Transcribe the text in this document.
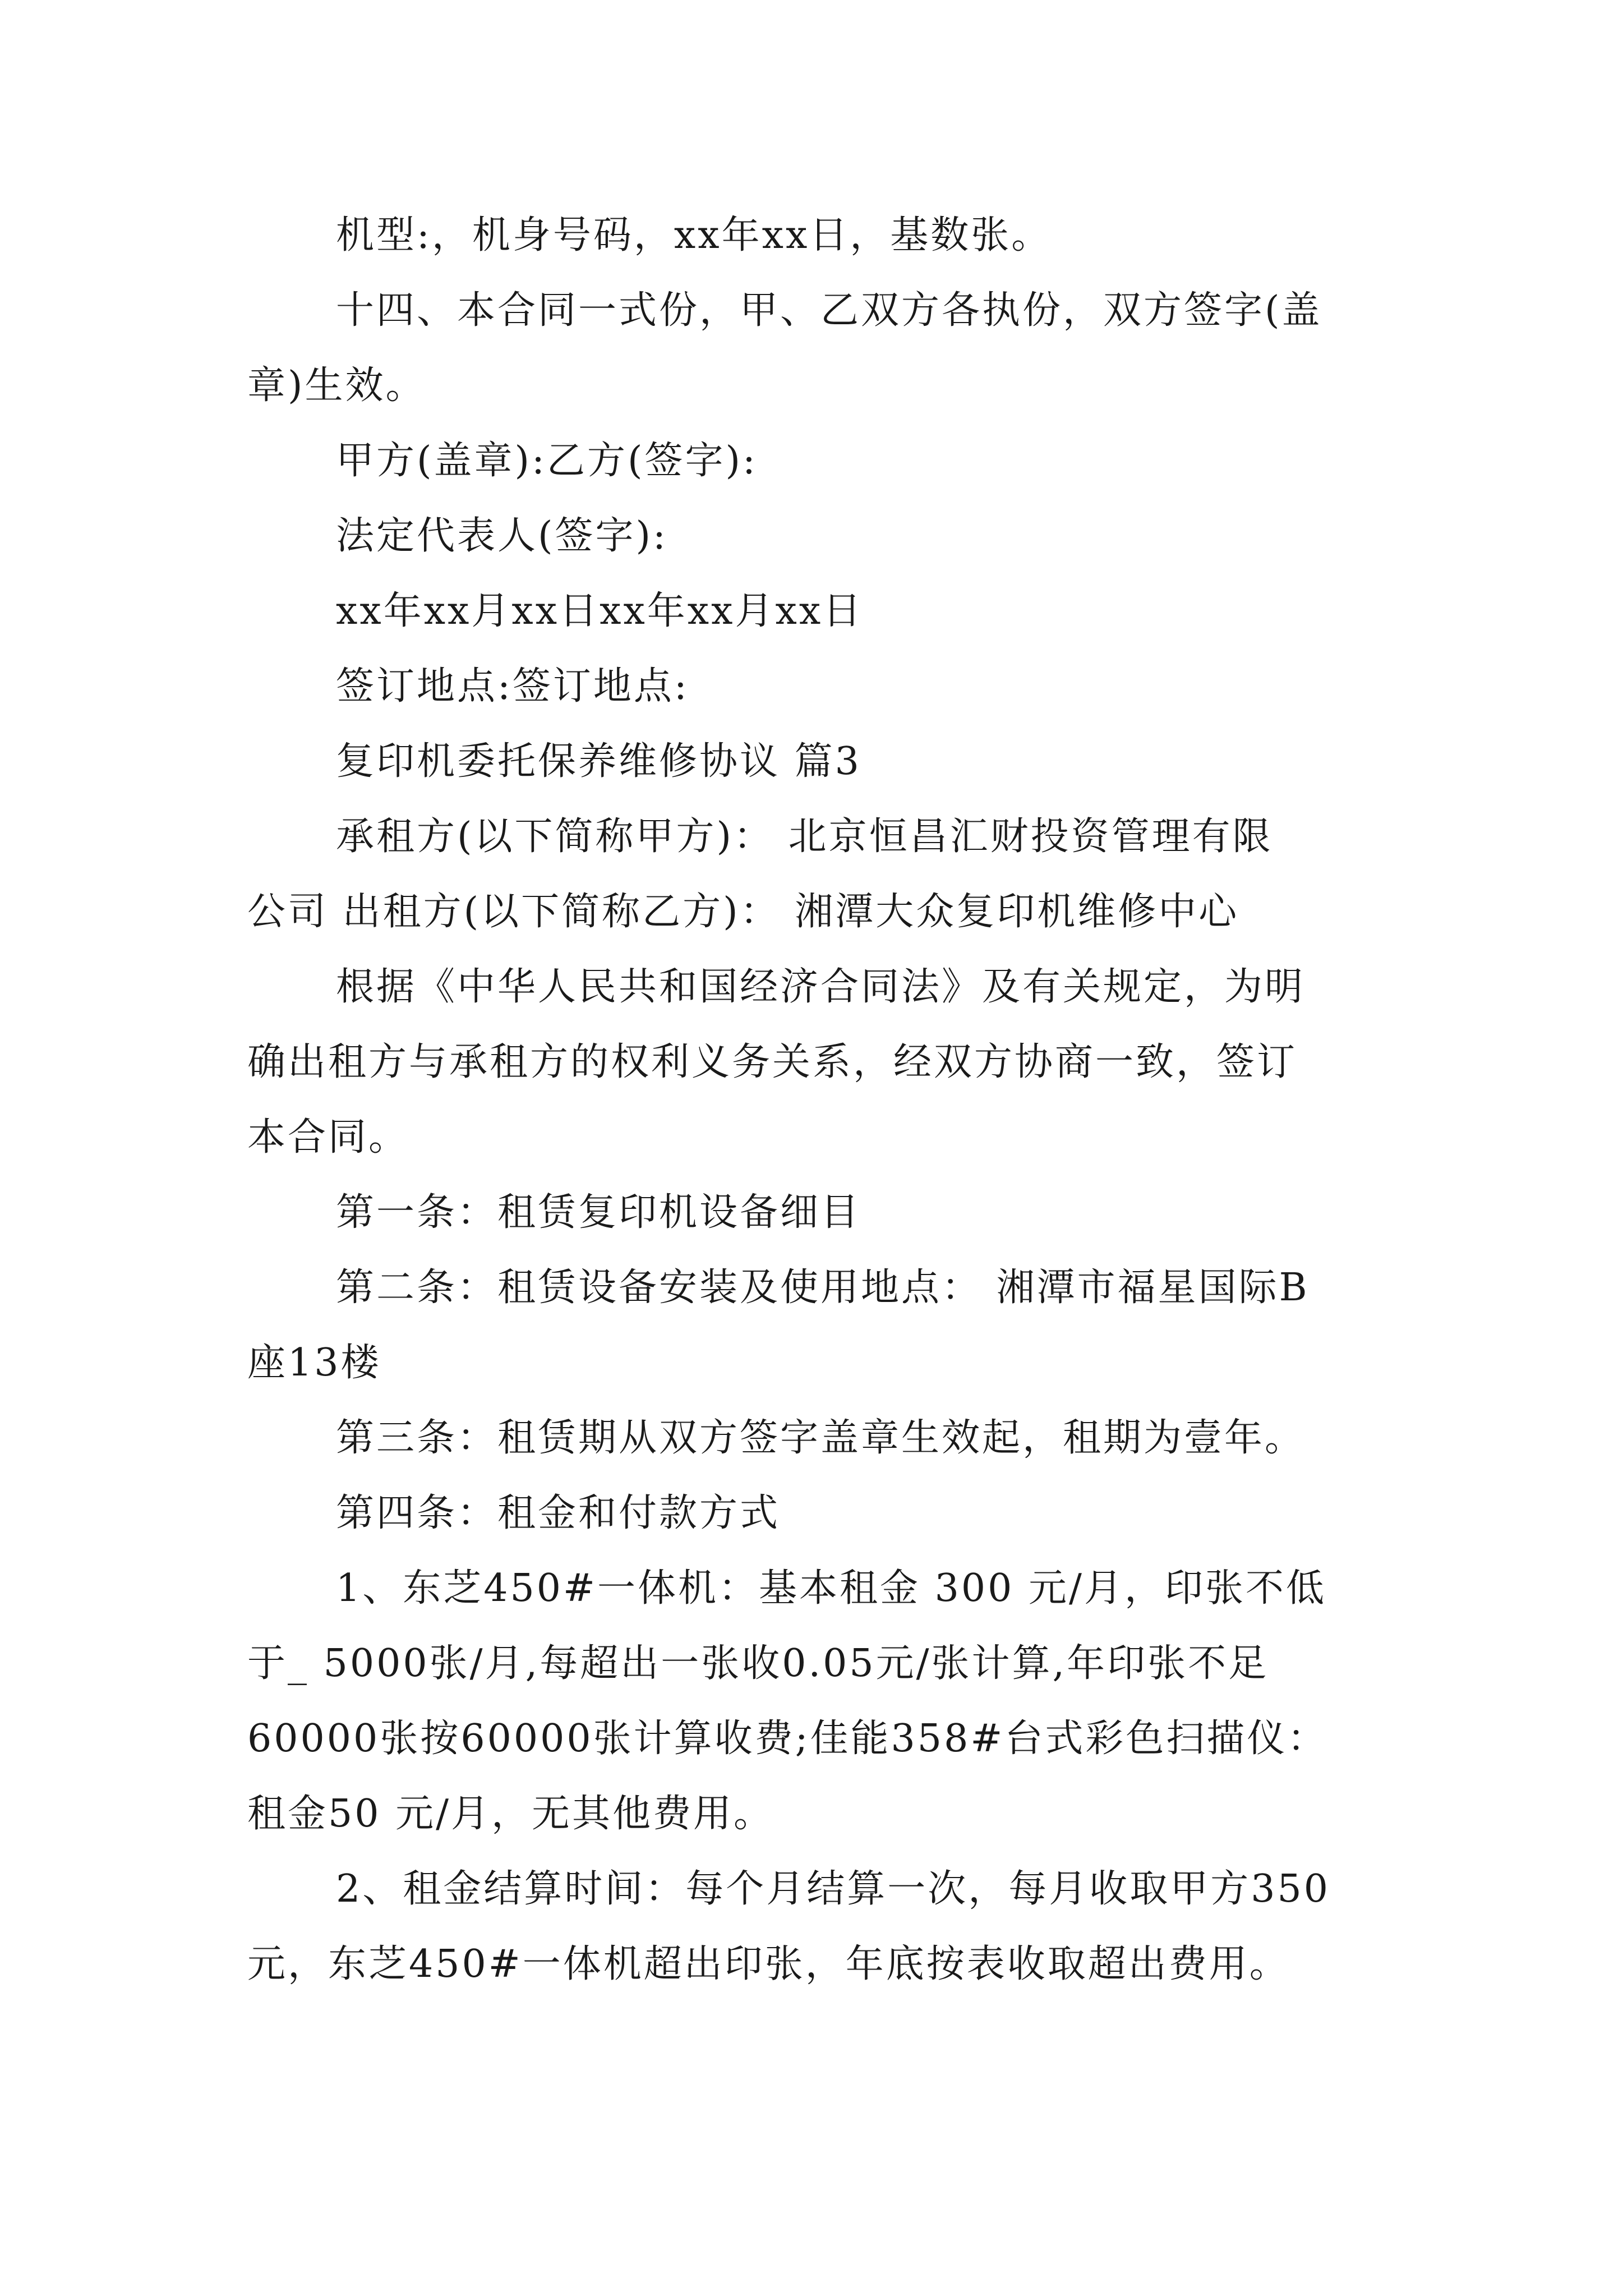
机型:，机身号码，xx年xx日，基数张。
十四、本合同一式份，甲、乙双方各执份，双方签字(盖
章)生效。
甲方(盖章):乙方(签字):
法定代表人(签字):
xx年xx月xx日xx年xx月xx日
签订地点:签订地点:
复印机委托保养维修协议 篇3
承租方(以下简称甲方)： 北京恒昌汇财投资管理有限
公司 出租方(以下简称乙方)： 湘潭大众复印机维修中心
根据《中华人民共和国经济合同法》及有关规定，为明
确出租方与承租方的权利义务关系，经双方协商一致，签订
本合同。
第一条：租赁复印机设备细目
第二条：租赁设备安装及使用地点： 湘潭市福星国际B
座13楼
第三条：租赁期从双方签字盖章生效起，租期为壹年。
第四条：租金和付款方式
1、东芝450#一体机：基本租金 300 元/月，印张不低
于_ 5000张/月,每超出一张收0.05元/张计算,年印张不足
60000张按60000张计算收费;佳能358#台式彩色扫描仪：
租金50 元/月，无其他费用。
2、租金结算时间：每个月结算一次，每月收取甲方350
元，东芝450#一体机超出印张，年底按表收取超出费用。
